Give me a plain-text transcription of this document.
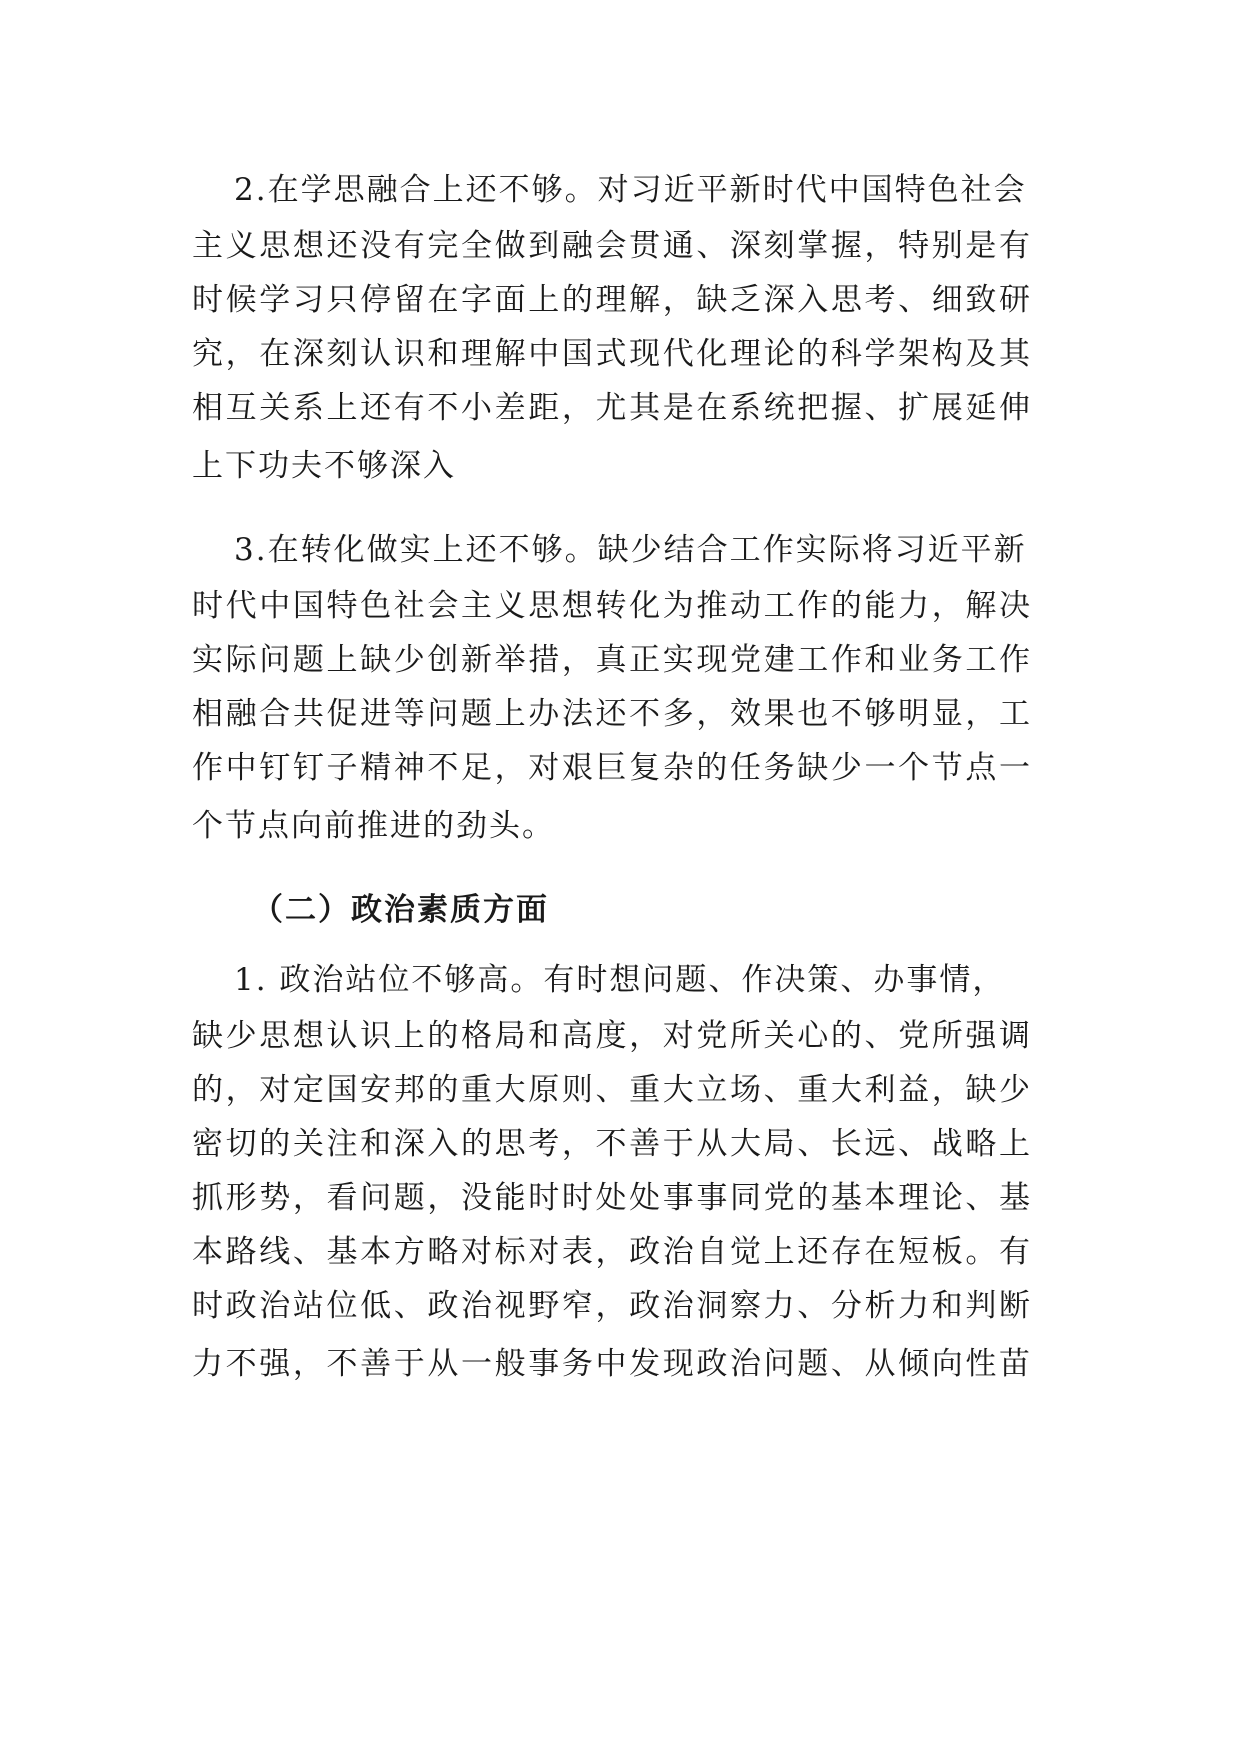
2.在学思融合上还不够。对习近平新时代中国特色社会
主义思想还没有完全做到融会贯通、深刻掌握，特别是有
时候学习只停留在字面上的理解，缺乏深入思考、细致研
究，在深刻认识和理解中国式现代化理论的科学架构及其
相互关系上还有不小差距，尤其是在系统把握、扩展延伸
上下功夫不够深入
3.在转化做实上还不够。缺少结合工作实际将习近平新
时代中国特色社会主义思想转化为推动工作的能力，解决
实际问题上缺少创新举措，真正实现党建工作和业务工作
相融合共促进等问题上办法还不多，效果也不够明显，工
作中钉钉子精神不足，对艰巨复杂的任务缺少一个节点一
个节点向前推进的劲头。
（二）政治素质方面
1. 政治站位不够高。有时想问题、作决策、办事情，
缺少思想认识上的格局和高度，对党所关心的、党所强调
的，对定国安邦的重大原则、重大立场、重大利益，缺少
密切的关注和深入的思考，不善于从大局、长远、战略上
抓形势，看问题，没能时时处处事事同党的基本理论、基
本路线、基本方略对标对表，政治自觉上还存在短板。有
时政治站位低、政治视野窄，政治洞察力、分析力和判断
力不强，不善于从一般事务中发现政治问题、从倾向性苗
